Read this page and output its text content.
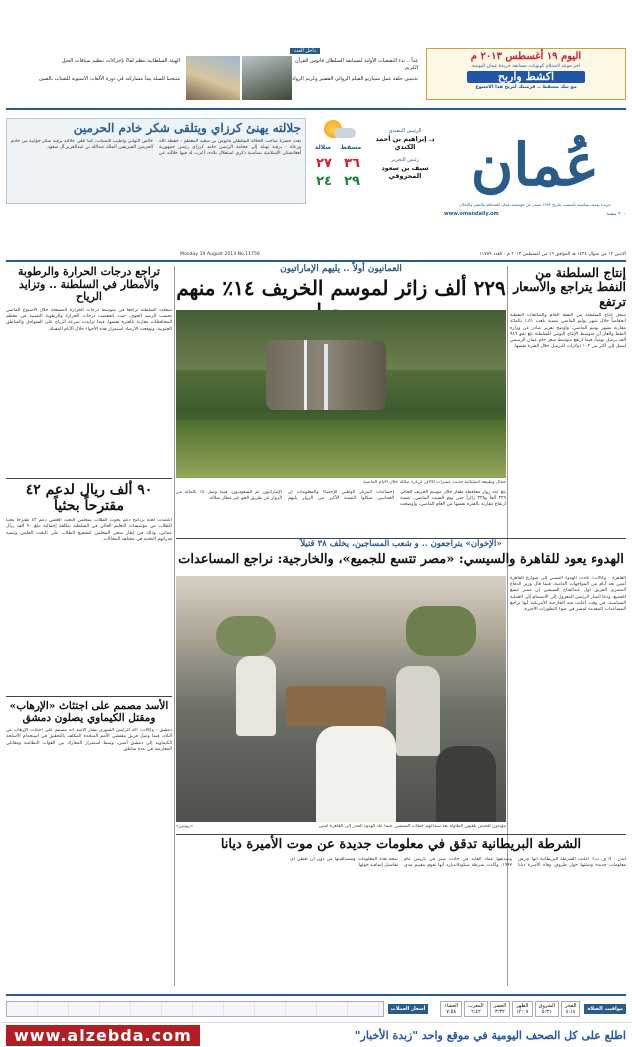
اليوم ١٩ أغسطس ٢٠١٣ م
اخر موعد لاستلام كوبونات مسابقة جريدة عمان اليومية
اكشط واربح
مع بنك مسقط .. فرصتك لتربح هذا الاسبوع
داخل العدد
غداً .. بدء التصفيات الأولية لمسابقة السلطان قابوس للقرآن الكريم
تدشين حلقة عمل سيناريو الفيلم الروائي القصير وكريم الرواد
الهيئة السلطانية تنظم لقاءً بإجراءات تنظيم سباقات الخيل
منتخبنا للسلة يبدأ مشاركته في دورة الألعاب الآسيوية للشباب بالصين
عُمان
جريدة يومية سياسية تأسست بتاريخ ١٩٧٢ تصدر عن مؤسسة عمان للصحافة والنشر والإعلان
٢٠٠ بيسة
www.omandaily.om
الرئيس التنفيذي
د. إبراهيم بن أحمد الكندي
رئيس التحرير
سيف بن سعود المحروقي
مسقط
صلالة
٣٦
٢٧
٢٩
٢٤
جلالته يهنئ كرزاي ويتلقى شكر خادم الحرمين
بعث حضرة صاحب الجلالة السلطان قابوس بن سعيد المعظم - حفظه الله ورعاه - برقية تهنئة إلى فخامة الرئيس حامد كرزاي رئيس جمهورية أفغانستان الإسلامية بمناسبة ذكرى استقلال بلاده، أعرب له فيها جلالته عن خالص التهاني وأطيب التمنيات، كما تلقى جلالته برقية شكر جوابية من خادم الحرمين الشريفين الملك عبدالله بن عبدالعزيز آل سعود.
الاثنين ١٢ من شوال ١٤٣٤ هـ الموافق ١٩ من أغسطس ٢٠١٣ م - العدد ١١٧٥٩
Monday 19 August 2013 No.11759
إنتاج السلطنة من النفط يتراجع والأسعار ترتفع
سجل إنتاج السلطنة من النفط الخام والمكثفات النفطية انخفاضاً خلال شهر يوليو الماضي بنسبة بلغت ١.٥١ بالمائة مقارنة بشهر يونيو الماضي، وأوضح تقرير صادر عن وزارة النفط والغاز أن متوسط الإنتاج اليومي للسلطنة بلغ نحو ٩٤٦ ألف برميل يومياً، فيما ارتفع متوسط سعر خام عمان الرسمي ليصل إلى أكثر من ١٠٣ دولارات للبرميل خلال الفترة نفسها.
العمانيون أولاً .. يليهم الإماراتيون
٢٢٩ ألف زائر لموسم الخريف ١٤٪ منهم
جمال وطبيعة استثنائية جذبت عشرات الآلاف لزيارة صلالة خلال الأيام الماضية
بلغ عدد زوار محافظة ظفار خلال موسم الخريف الحالي ٢٢٩ ألفاً و٣٣٨ زائراً حتى يوم السبت الماضي، بنسبة ارتفاع مقارنة بالفترة نفسها من العام الماضي، وأوضحت إحصائيات المركز الوطني للإحصاء والمعلومات أن العمانيين شكلوا النسبة الأكبر من الزوار يليهم الإماراتيون ثم السعوديون، فيما وصل ١٤ بالمائة من الزوار عن طريق الجو عبر مطار صلالة.
تراجع درجات الحرارة والرطوبة والأمطار في السلطنة .. وتزايد الرياح
سجلت السلطنة تراجعاً في متوسط درجات الحرارة المسجلة خلال الأسبوع الماضي بحسب الرصد الجوي، حيث انخفضت درجات الحرارة والرطوبة النسبية في معظم المحافظات مقارنة بالفترة نفسها، فيما تزايدت سرعة الرياح على السواحل والمناطق الجنوبية، وتوقعت الأرصاد استمرار هذه الأجواء خلال الأيام المقبلة.
٩٠ ألف ريال لدعم ٤٢ مقترحاً بحثياً
اعتمدت لجنة برنامج دعم بحوث الطلاب بمجلس البحث العلمي دعم ٤٢ مقترحاً بحثياً للطلاب من مؤسسات التعليم العالي في السلطنة بتكلفة إجمالية تبلغ ٩٠ ألف ريال عماني، وذلك في إطار سعي المجلس لتشجيع الطلاب على البحث العلمي وتنمية قدراتهم البحثية في مختلف المجالات.
الأسد مصمم على اجتثاث «الإرهاب» ومقتل الكيماوي يصلون دمشق
دمشق - وكالات: أكد الرئيس السوري بشار الأسد أنه مصمم على اجتثاث الإرهاب من البلاد، فيما وصل فريق مفتشي الأمم المتحدة المكلف بالتحقيق في استخدام الأسلحة الكيماوية إلى دمشق أمس، وسط استمرار المعارك بين القوات النظامية ومقاتلي المعارضة في عدة مناطق.
«الإخوان» يتراجعون .. و شعب المساجين، يخلف ٣٨ قتيلاً
الهدوء يعود للقاهرة والسيسي: «مصر تتسع للجميع»، والخارجية: نراجع المساعدات
مؤيدون للجيش يلعبون الطاولة بعد سماعهم خطاب السيسي، فيما عاد الهدوء الحذر إلى القاهرة أمس
«رويترز»
القاهرة - وكالات: عادت الهدوء النسبي إلى شوارع القاهرة أمس بعد أيام من المواجهات الدامية، فيما قال وزير الدفاع المصري الفريق أول عبدالفتاح السيسي إن مصر تتسع للجميع، ودعا أنصار الرئيس المعزول إلى الانضمام إلى العملية السياسية، في وقت أعلنت فيه الخارجية الأمريكية أنها تراجع المساعدات المقدمة لمصر في ضوء التطورات الأخيرة.
الشرطة البريطانية تدقق في معلومات جديدة عن موت الأميرة ديانا
لندن - (أ ف ب): أعلنت الشرطة البريطانية أنها تدرس معلومات جديدة وصلتها حول ظروف وفاة الأميرة ديانا وصديقها عماد الفايد في حادث سير في باريس عام ١٩٩٧، وأكدت شرطة سكوتلانديارد أنها تقوم بتقييم مدى صحة هذه المعلومات ومصداقيتها من دون أن تعطي أي تفاصيل إضافية حولها.
مواقيت الصلاة
الفجر
٤:١٤
الشروق
٥:٣١
الظهر
١٢:٠٧
العصر
٣:٣٢
المغرب
٦:٤٢
العشاء
٧:٥٨
أسعار العملات
اطلع على كل الصحف اليومية في موقع واحد "زبدة الأخبار"
www.alzebda.com
